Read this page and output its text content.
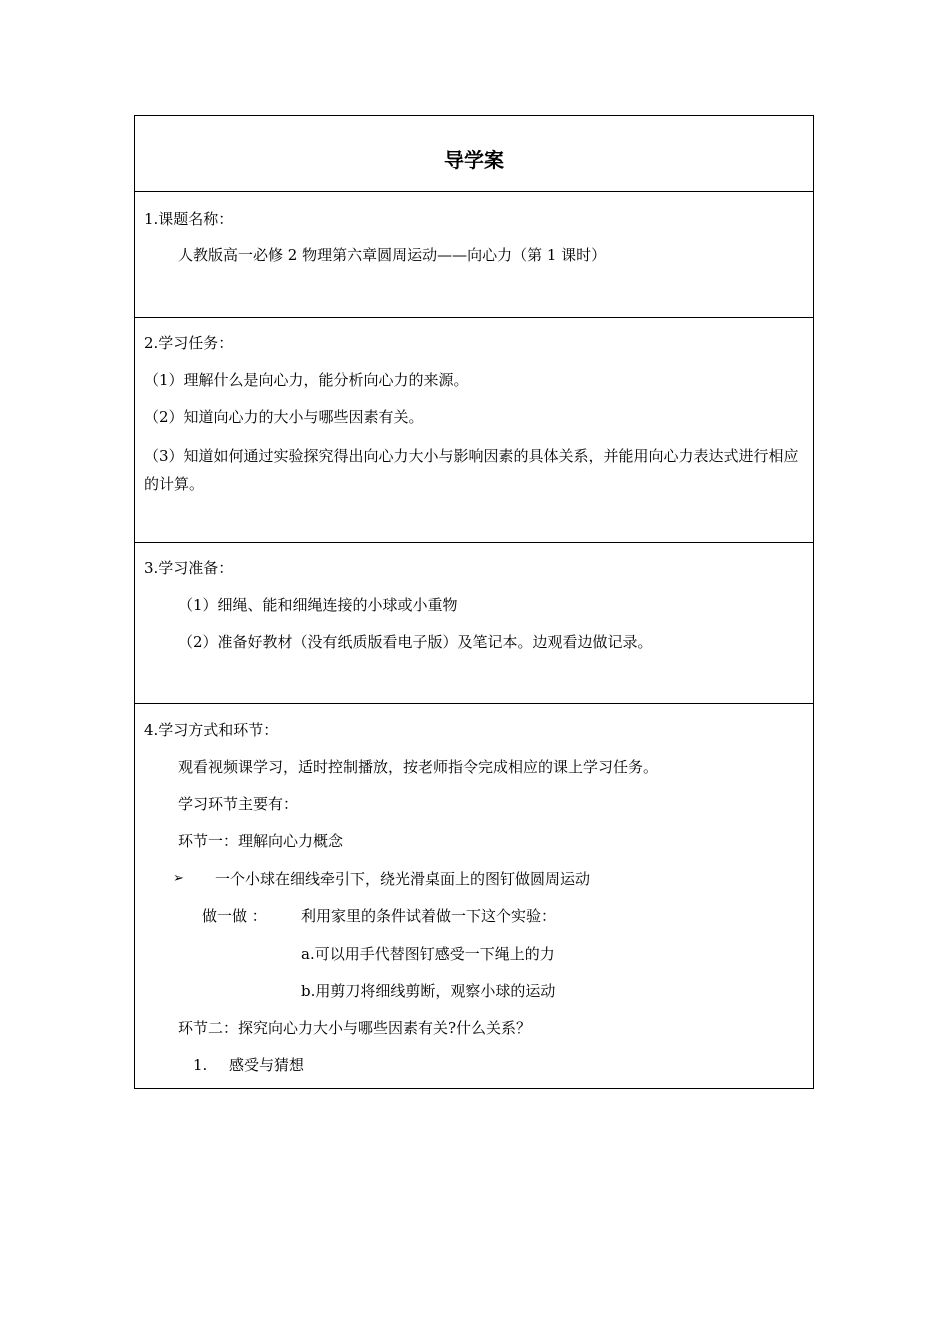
导学案
1.课题名称：
人教版高一必修 2 物理第六章圆周运动——向心力（第 1 课时）
2.学习任务：
（1）理解什么是向心力，能分析向心力的来源。
（2）知道向心力的大小与哪些因素有关。
（3）知道如何通过实验探究得出向心力大小与影响因素的具体关系，并能用向心力表达式进行相应的计算。
3.学习准备：
（1）细绳、能和细绳连接的小球或小重物
（2）准备好教材（没有纸质版看电子版）及笔记本。边观看边做记录。
4.学习方式和环节：
观看视频课学习，适时控制播放，按老师指令完成相应的课上学习任务。
学习环节主要有：
环节一：理解向心力概念
➢ 一个小球在细线牵引下，绕光滑桌面上的图钉做圆周运动
做一做 ： 利用家里的条件试着做一下这个实验：
a.可以用手代替图钉感受一下绳上的力
b.用剪刀将细线剪断，观察小球的运动
环节二：探究向心力大小与哪些因素有关?什么关系？
1. 感受与猜想
